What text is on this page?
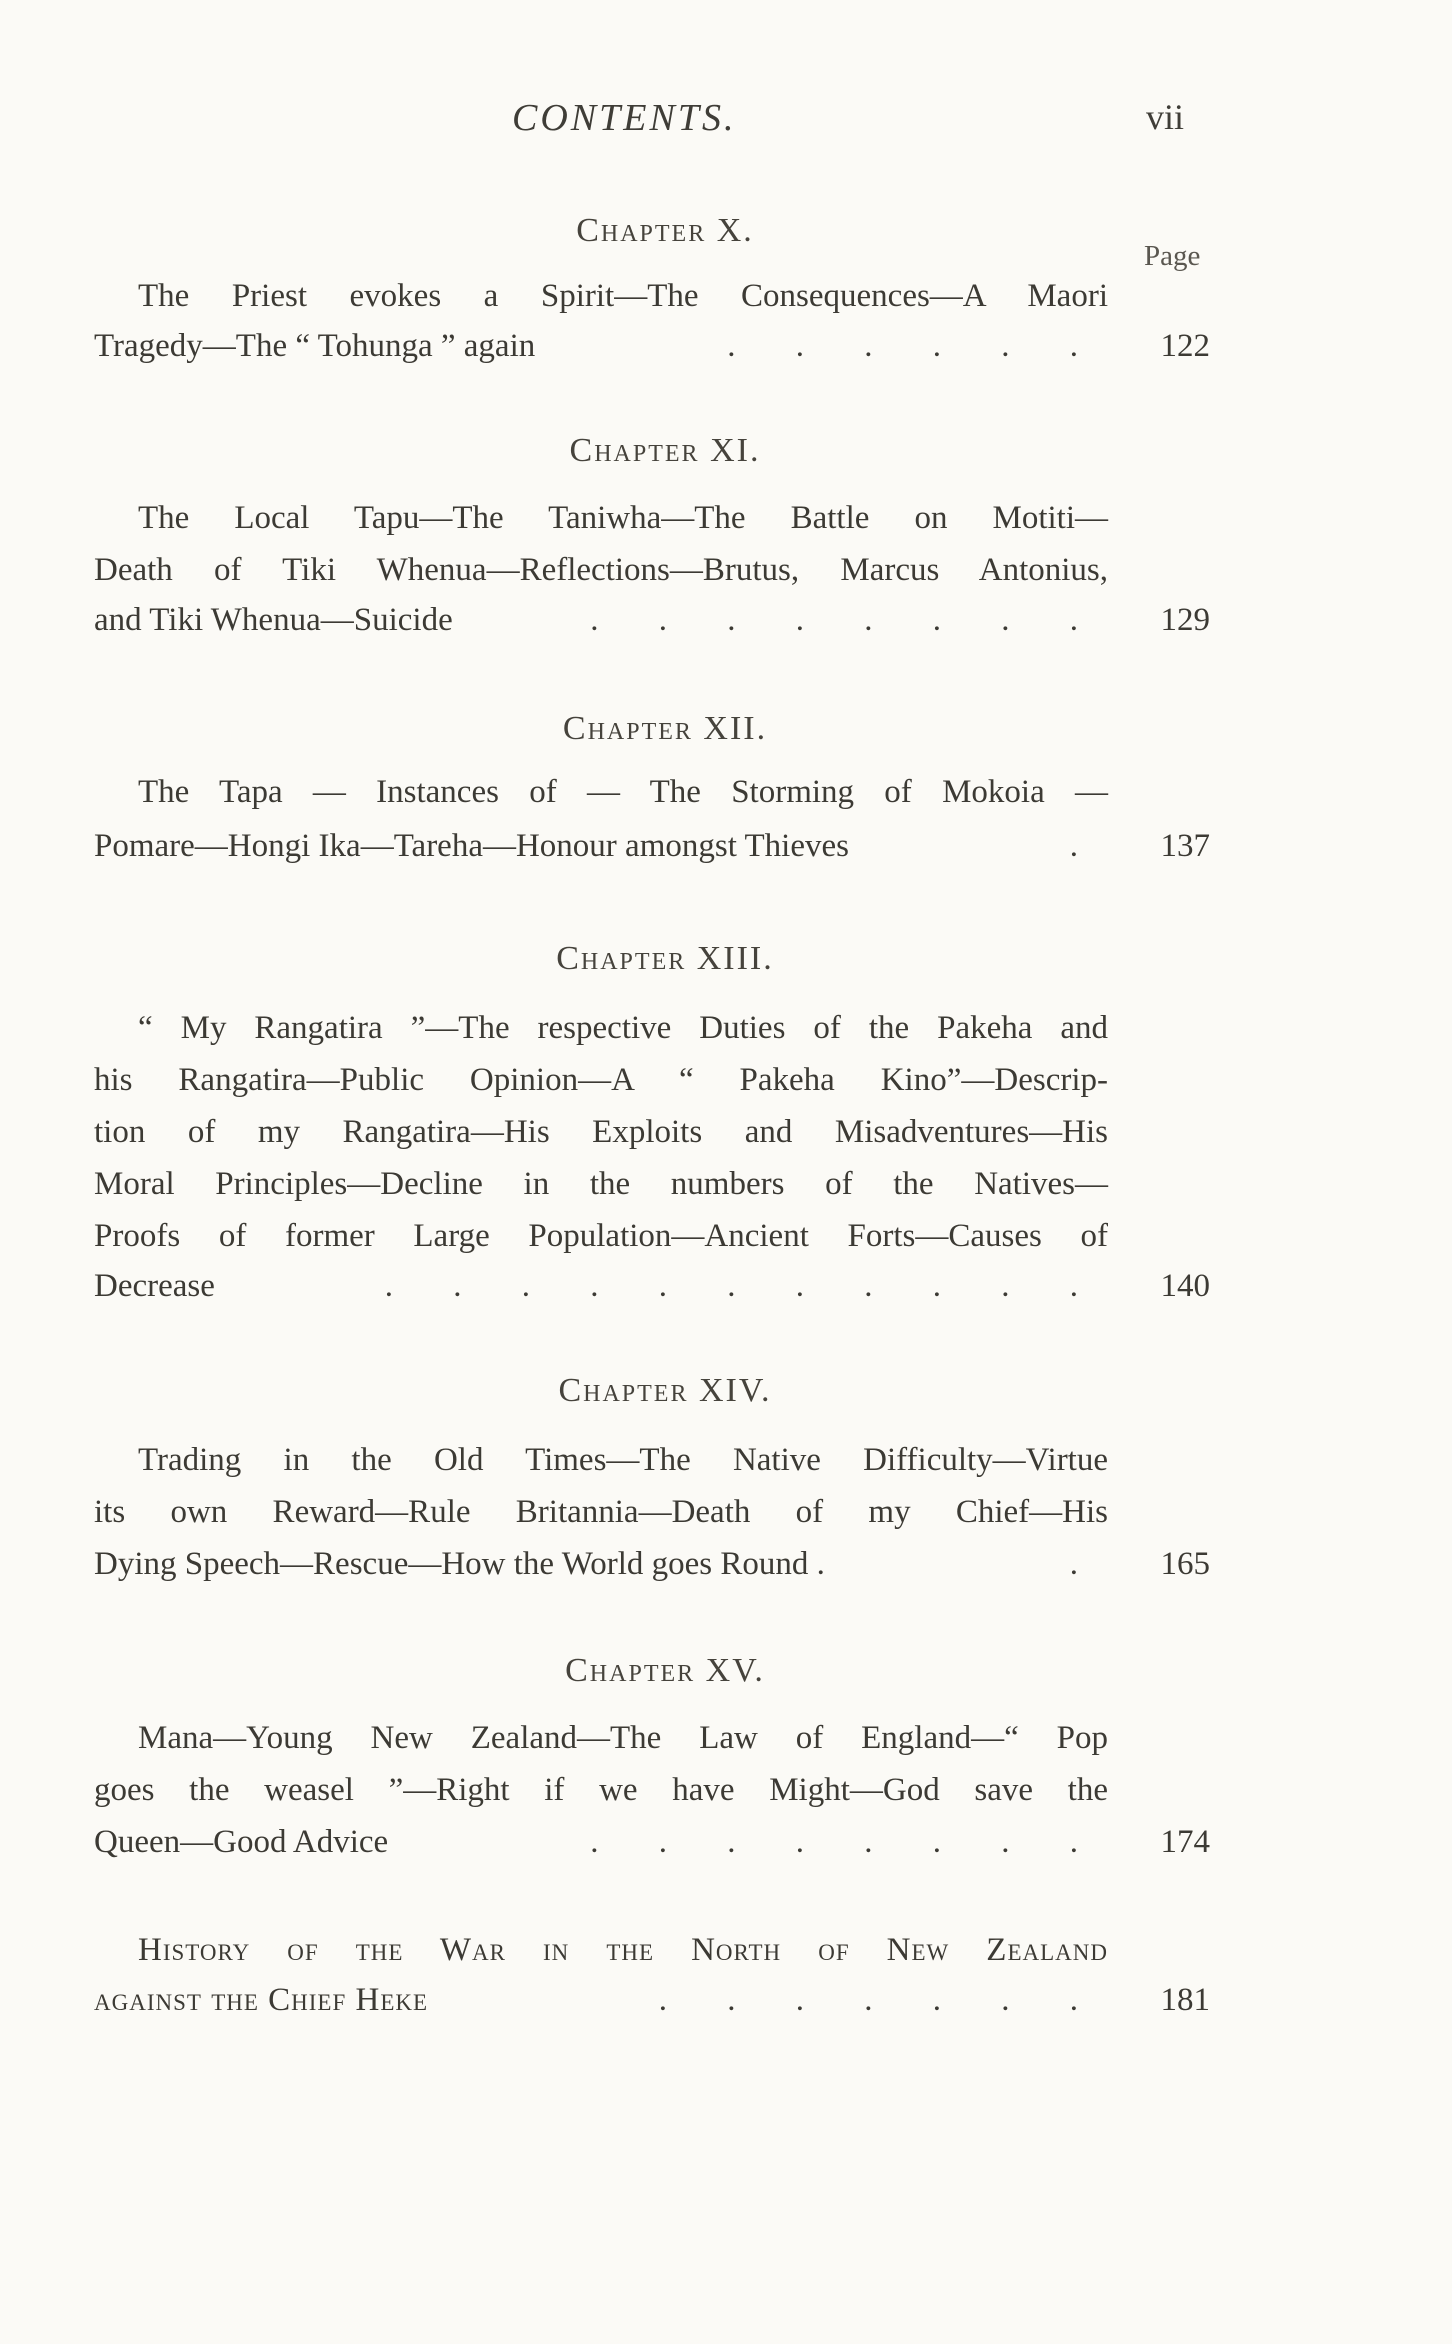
CONTENTS.	vii
Page
Chapter X.
The Priest evokes a Spirit—The Consequences—A Maori
Tragedy—The “ Tohunga ” again	. . . . . .	122
Chapter XI.
The Local Tapu—The Taniwha—The Battle on Motiti—
Death of Tiki Whenua—Reflections—Brutus, Marcus Antonius,
and Tiki Whenua—Suicide	. . . . . . . .	129
Chapter XII.
The Tapa — Instances of — The Storming of Mokoia —
Pomare—Hongi Ika—Tareha—Honour amongst Thieves	.	137
Chapter XIII.
“ My Rangatira ”—The respective Duties of the Pakeha and
his Rangatira—Public Opinion—A “ Pakeha Kino”—Descrip-
tion of my Rangatira—His Exploits and Misadventures—His
Moral Principles—Decline in the numbers of the Natives—
Proofs of former Large Population—Ancient Forts—Causes of
Decrease	. . . . . . . . . . .	140
Chapter XIV.
Trading in the Old Times—The Native Difficulty—Virtue
its own Reward—Rule Britannia—Death of my Chief—His
Dying Speech—Rescue—How the World goes Round .	.	165
Chapter XV.
Mana—Young New Zealand—The Law of England—“ Pop
goes the weasel ”—Right if we have Might—God save the
Queen—Good Advice	. . . . . . . .	174
History of the War in the North of New Zealand
against the Chief Heke	. . . . . . .	181
